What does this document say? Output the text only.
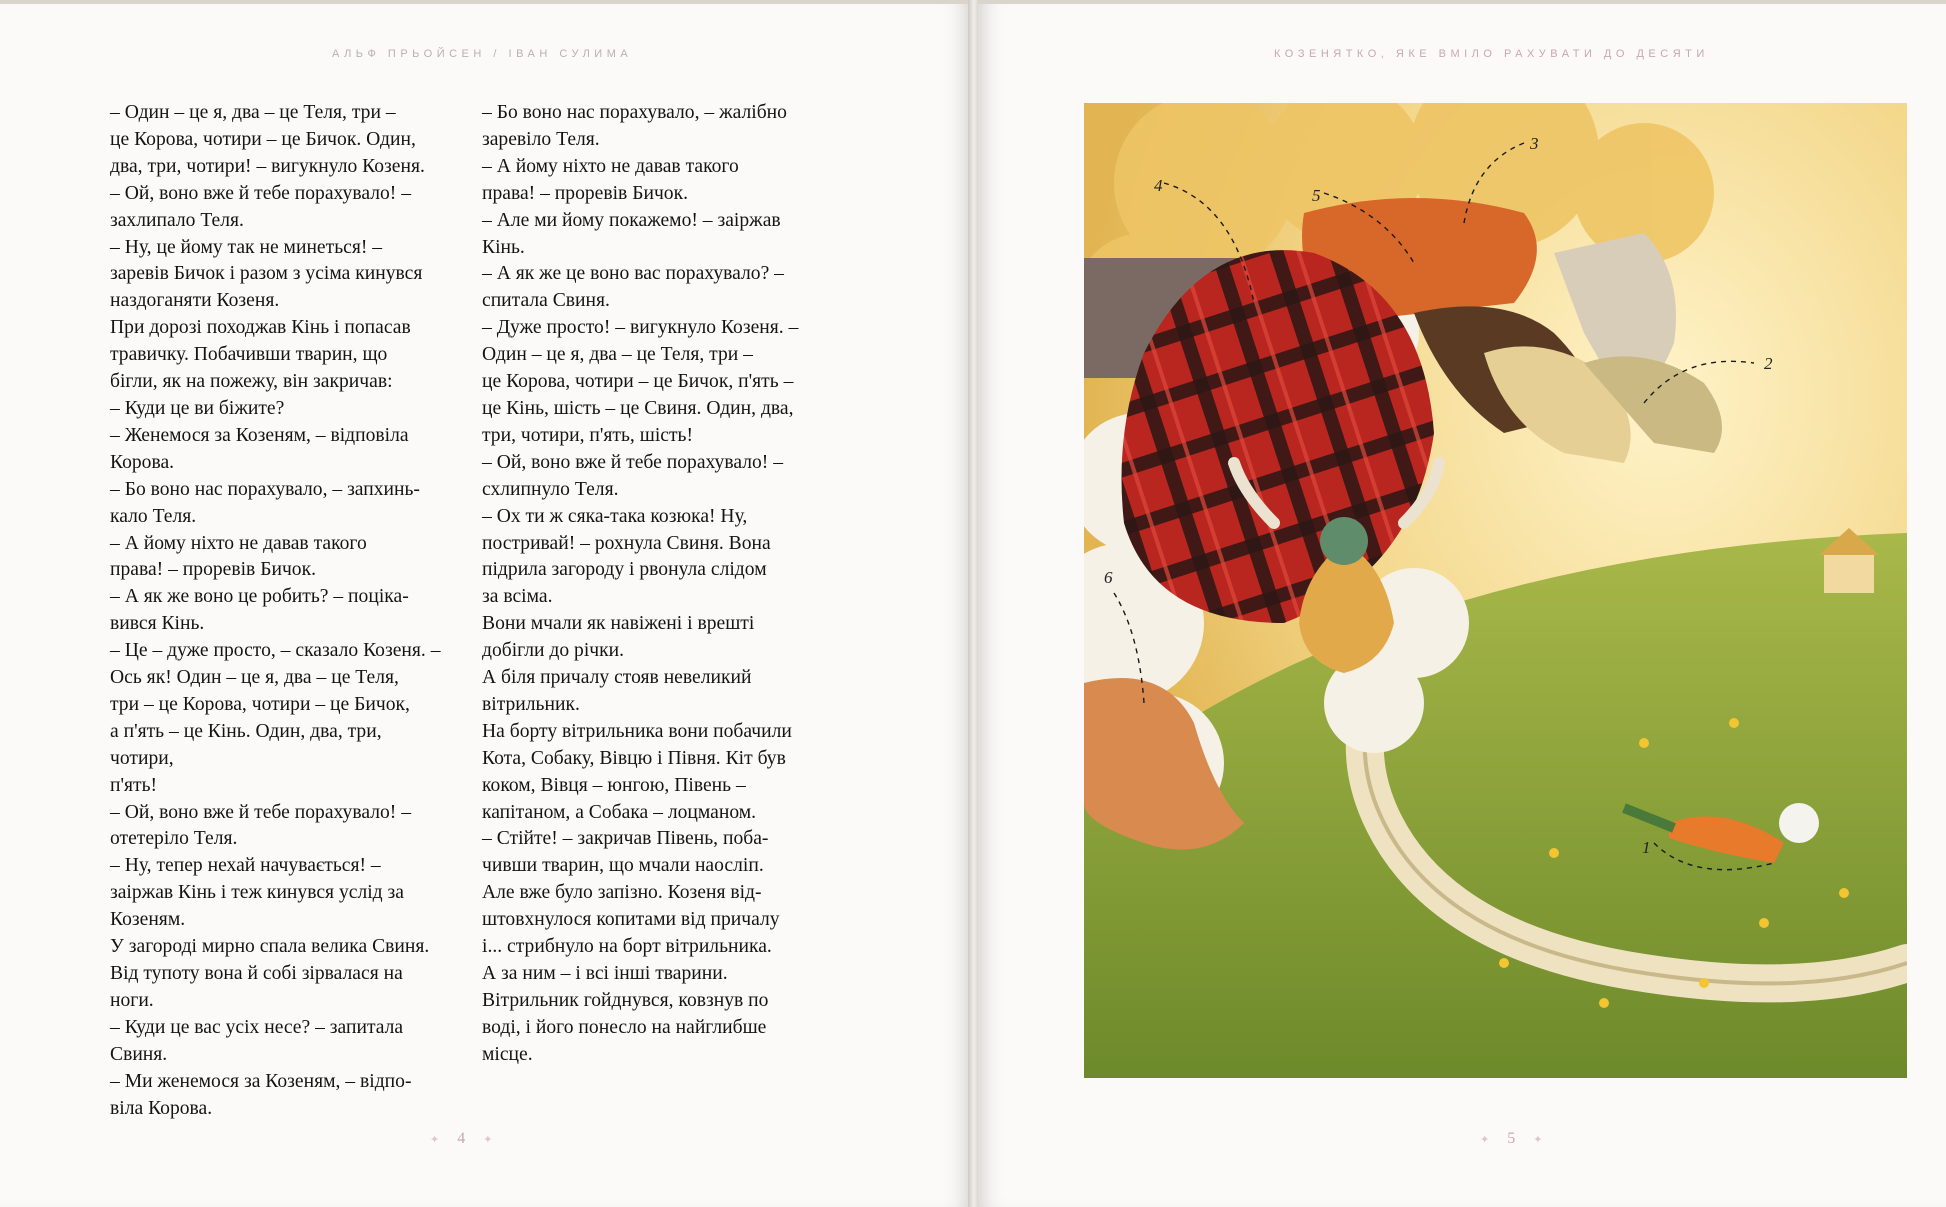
АЛЬФ ПРЬОЙСЕН / ІВАН СУЛИМА

– Один – це я, два – це Теля, три –
це Корова, чотири – це Бичок. Один,
два, три, чотири! – вигукнуло Козеня.

– Ой, воно вже й тебе порахувало! –
захлипало Теля.

– Ну, це йому так не минеться! –
заревів Бичок і разом з усіма кинувся
наздоганяти Козеня.

При дорозі походжав Кінь і попасав
травичку. Побачивши тварин, що
бігли, як на пожежу, він закричав:

– Куди це ви біжите?

– Женемося за Козеням, – відповіла
Корова.

– Бо воно нас порахувало, – запхинь-
кало Теля.

– А йому ніхто не давав такого
права! – проревів Бичок.

– А як же воно це робить? – поціка-
вився Кінь.

– Це – дуже просто, – сказало Козеня. –
Ось як! Один – це я, два – це Теля,
три – це Корова, чотири – це Бичок,
а п'ять – це Кінь. Один, два, три, чотири,
п'ять!

– Ой, воно вже й тебе порахувало! –
отетеріло Теля.

– Ну, тепер нехай начувається! –
заіржав Кінь і теж кинувся услід за
Козеням.

У загороді мирно спала велика Свиня.
Від тупоту вона й собі зірвалася на ноги.

– Куди це вас усіх несе? – запитала
Свиня.

– Ми женемося за Козеням, – відпо-
віла Корова.

– Бо воно нас порахувало, – жалібно
заревіло Теля.

– А йому ніхто не давав такого
права! – проревів Бичок.

– Але ми йому покажемо! – заіржав
Кінь.

– А як же це воно вас порахувало? –
спитала Свиня.

– Дуже просто! – вигукнуло Козеня. –
Один – це я, два – це Теля, три –
це Корова, чотири – це Бичок, п'ять –
це Кінь, шість – це Свиня. Один, два,
три, чотири, п'ять, шість!

– Ой, воно вже й тебе порахувало! –
схлипнуло Теля.

– Ох ти ж сяка-така козюка! Ну,
постривай! – рохнула Свиня. Вона
підрила загороду і рвонула слідом
за всіма.

Вони мчали як навіжені і врешті
добігли до річки.

А біля причалу стояв невеликий
вітрильник.

На борту вітрильника вони побачили
Кота, Собаку, Вівцю і Півня. Кіт був
коком, Вівця – юнгою, Півень –
капітаном, а Собака – лоцманом.

– Стійте! – закричав Півень, поба-
чивши тварин, що мчали наосліп.

Але вже було запізно. Козеня від-
штовхнулося копитами від причалу
і... стрибнуло на борт вітрильника.

А за ним – і всі інші тварини.

Вітрильник гойднувся, ковзнув по
воді, і його понесло на найглибше
місце.

✦ 4 ✦	✦ 5 ✦
КОЗЕНЯТКО, ЯКЕ ВМІЛО РАХУВАТИ ДО ДЕСЯТИ
1
2
3
4
5
6
